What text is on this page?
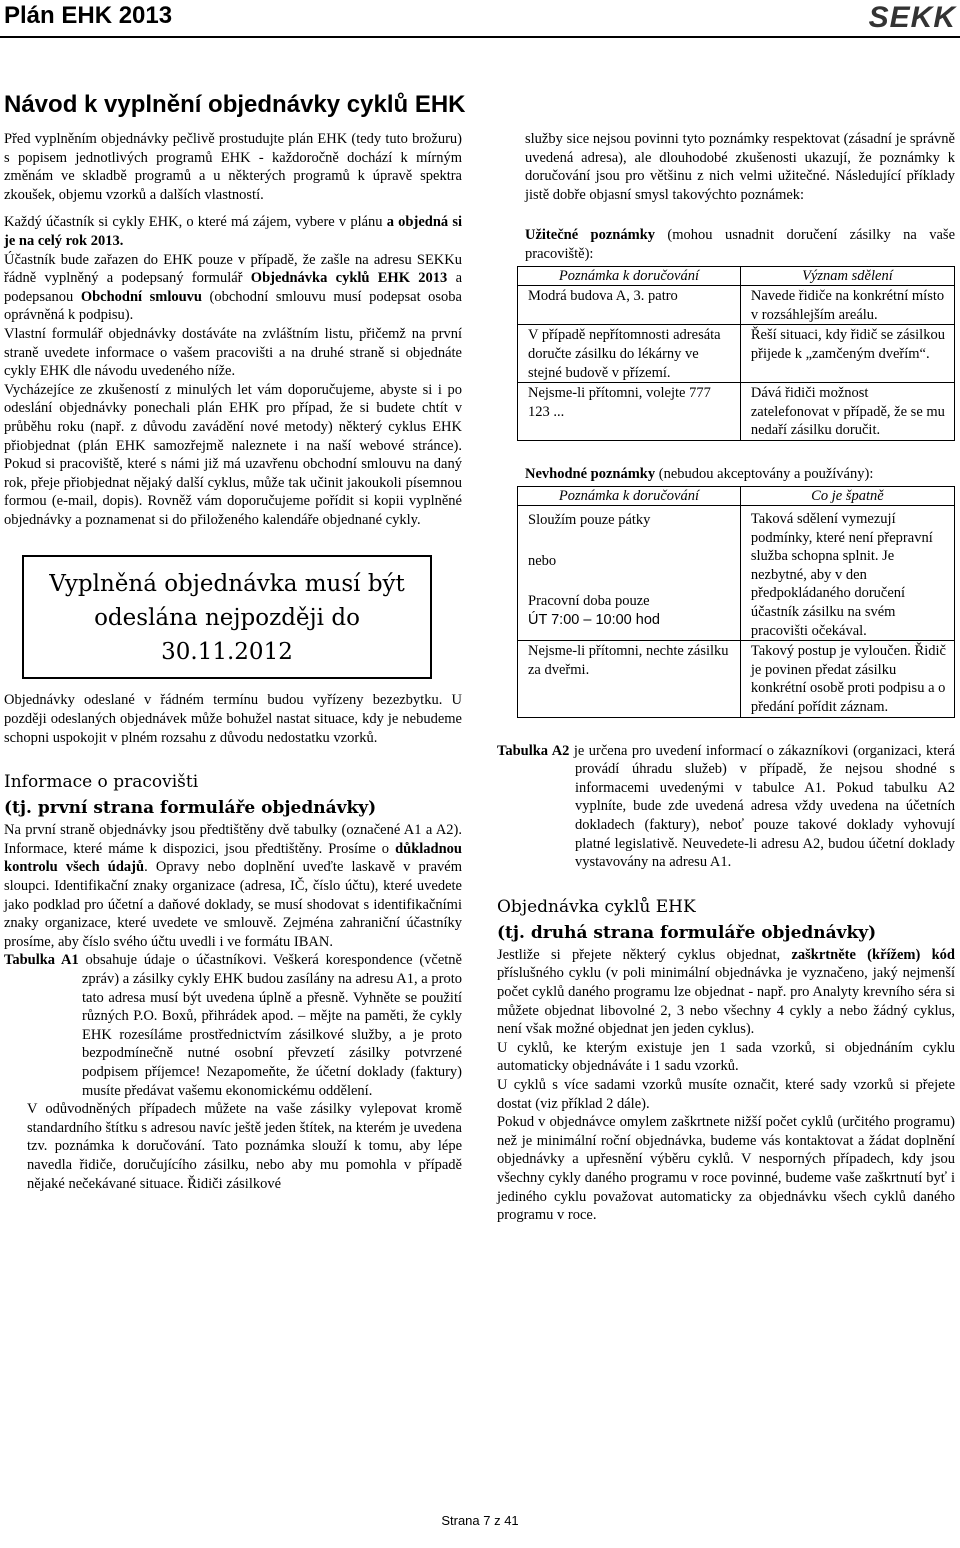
Plán EHK 2013	SEKK
Návod k vyplnění objednávky cyklů EHK

Před vyplněním objednávky pečlivě prostudujte plán EHK (tedy tuto brožuru) s popisem jednotlivých programů EHK - každoročně dochází k mírným změnám ve skladbě programů a u některých programů k úpravě spektra zkoušek, objemu vzorků a dalších vlastností.

Každý účastník si cykly EHK, o které má zájem, vybere v plánu a objedná si je na celý rok 2013.

Účastník bude zařazen do EHK pouze v případě, že zašle na adresu SEKKu řádně vyplněný a podepsaný formulář Objednávka cyklů EHK 2013 a podepsanou Obchodní smlouvu (obchodní smlouvu musí podepsat osoba oprávněná k podpisu).

Vlastní formulář objednávky dostáváte na zvláštním listu, přičemž na první straně uvedete informace o vašem pracovišti a na druhé straně si objednáte cykly EHK dle návodu uvedeného níže.

Vycházejíce ze zkušeností z minulých let vám doporučujeme, abyste si i po odeslání objednávky ponechali plán EHK pro případ, že si budete chtít v průběhu roku (např. z důvodu zavádění nové metody) některý cyklus EHK přiobjednat (plán EHK samozřejmě naleznete i na naší webové stránce). Pokud si pracoviště, které s námi již má uzavřenu obchodní smlouvu na daný rok, přeje přiobjednat nějaký další cyklus, může tak učinit jakoukoli písemnou formou (e-mail, dopis). Rovněž vám doporučujeme pořídit si kopii vyplněné objednávky a poznamenat si do přiloženého kalendáře objednané cykly.

Vyplněná objednávka musí být odeslána nejpozději do 30.11.2012

Objednávky odeslané v řádném termínu budou vyřízeny bezezbytku. U později odeslaných objednávek může bohužel nastat situace, kdy je nebudeme schopni uspokojit v plném rozsahu z důvodu nedostatku vzorků.

Informace o pracovišti
(tj. první strana formuláře objednávky)

Na první straně objednávky jsou předtištěny dvě tabulky (označené A1 a A2). Informace, které máme k dispozici, jsou předtištěny. Prosíme o důkladnou kontrolu všech údajů. Opravy nebo doplnění uveďte laskavě v pravém sloupci. Identifikační znaky organizace (adresa, IČ, číslo účtu), které uvedete jako podklad pro účetní a daňové doklady, se musí shodovat s identifikačními znaky organizace, které uvedete ve smlouvě. Zejména zahraniční účastníky prosíme, aby číslo svého účtu uvedli i ve formátu IBAN.

Tabulka A1 obsahuje údaje o účastníkovi. Veškerá korespondence (včetně zpráv) a zásilky cykly EHK budou zasílány na adresu A1, a proto tato adresa musí být uvedena úplně a přesně. Vyhněte se použití různých P.O. Boxů, přihrádek apod. – mějte na paměti, že cykly EHK rozesíláme prostřednictvím zásilkové služby, a je proto bezpodmínečně nutné osobní převzetí zásilky potvrzené podpisem příjemce! Nezapomeňte, že účetní doklady (faktury) musíte předávat vašemu ekonomickému oddělení.

V odůvodněných případech můžete na vaše zásilky vylepovat kromě standardního štítku s adresou navíc ještě jeden štítek, na kterém je uvedena tzv. poznámka k doručování. Tato poznámka slouží k tomu, aby lépe navedla řidiče, doručujícího zásilku, nebo aby mu pomohla v případě nějaké nečekávané situace. Řidiči zásilkové

služby sice nejsou povinni tyto poznámky respektovat (zásadní je správně uvedená adresa), ale dlouhodobé zkušenosti ukazují, že poznámky k doručování jsou pro většinu z nich velmi užitečné. Následující příklady jistě dobře objasní smysl takovýchto poznámek:

Užitečné poznámky (mohou usnadnit doručení zásilky na vaše pracoviště):

Poznámka k doručování	Význam sdělení
Modrá budova A, 3. patro	Navede řidiče na konkrétní místo v rozsáhlejším areálu.
V případě nepřítomnosti adresáta doručte zásilku do lékárny ve stejné budově v přízemí.	Řeší situaci, kdy řidič se zásilkou přijede k „zamčeným dveřím“.
Nejsme-li přítomni, volejte 777 123 ...	Dává řidiči možnost zatelefonovat v případě, že se mu nedaří zásilku doručit.

Nevhodné poznámky (nebudou akceptovány a používány):

Poznámka k doručování	Co je špatně

Sloužím pouze pátky
nebo
Pracovní doba pouze
ÚT 7:00 – 10:00 hod	Taková sdělení vymezují podmínky, které není přepravní služba schopna splnit. Je nezbytné, aby v den předpokládaného doručení účastník zásilku na svém pracovišti očekával.
Nejsme-li přítomni, nechte zásilku za dveřmi.	Takový postup je vyloučen. Řidič je povinen předat zásilku konkrétní osobě proti podpisu a o předání pořídit záznam.

Tabulka A2 je určena pro uvedení informací o zákazníkovi (organizaci, která provádí úhradu služeb) v případě, že nejsou shodné s informacemi uvedenými v tabulce A1. Pokud tabulku A2 vyplníte, bude zde uvedená adresa vždy uvedena na účetních dokladech (faktury), neboť pouze takové doklady vyhovují platné legislativě. Neuvedete-li adresu A2, budou účetní doklady vystavovány na adresu A1.

Objednávka cyklů EHK
(tj. druhá strana formuláře objednávky)

Jestliže si přejete některý cyklus objednat, zaškrtněte (křížem) kód příslušného cyklu (v poli minimální objednávka je vyznačeno, jaký nejmenší počet cyklů daného programu lze objednat - např. pro Analyty krevního séra si můžete objednat libovolné 2, 3 nebo všechny 4 cykly a nebo žádný cyklus, není však možné objednat jen jeden cyklus).

U cyklů, ke kterým existuje jen 1 sada vzorků, si objednáním cyklu automaticky objednáváte i 1 sadu vzorků.

U cyklů s více sadami vzorků musíte označit, které sady vzorků si přejete dostat (viz příklad 2 dále).

Pokud v objednávce omylem zaškrtnete nižší počet cyklů (určitého programu) než je minimální roční objednávka, budeme vás kontaktovat a žádat doplnění objednávky a upřesnění výběru cyklů. V nesporných případech, kdy jsou všechny cykly daného programu v roce povinné, budeme vaše zaškrtnutí byť i jediného cyklu považovat automaticky za objednávku všech cyklů daného programu v roce.

Strana 7 z 41
